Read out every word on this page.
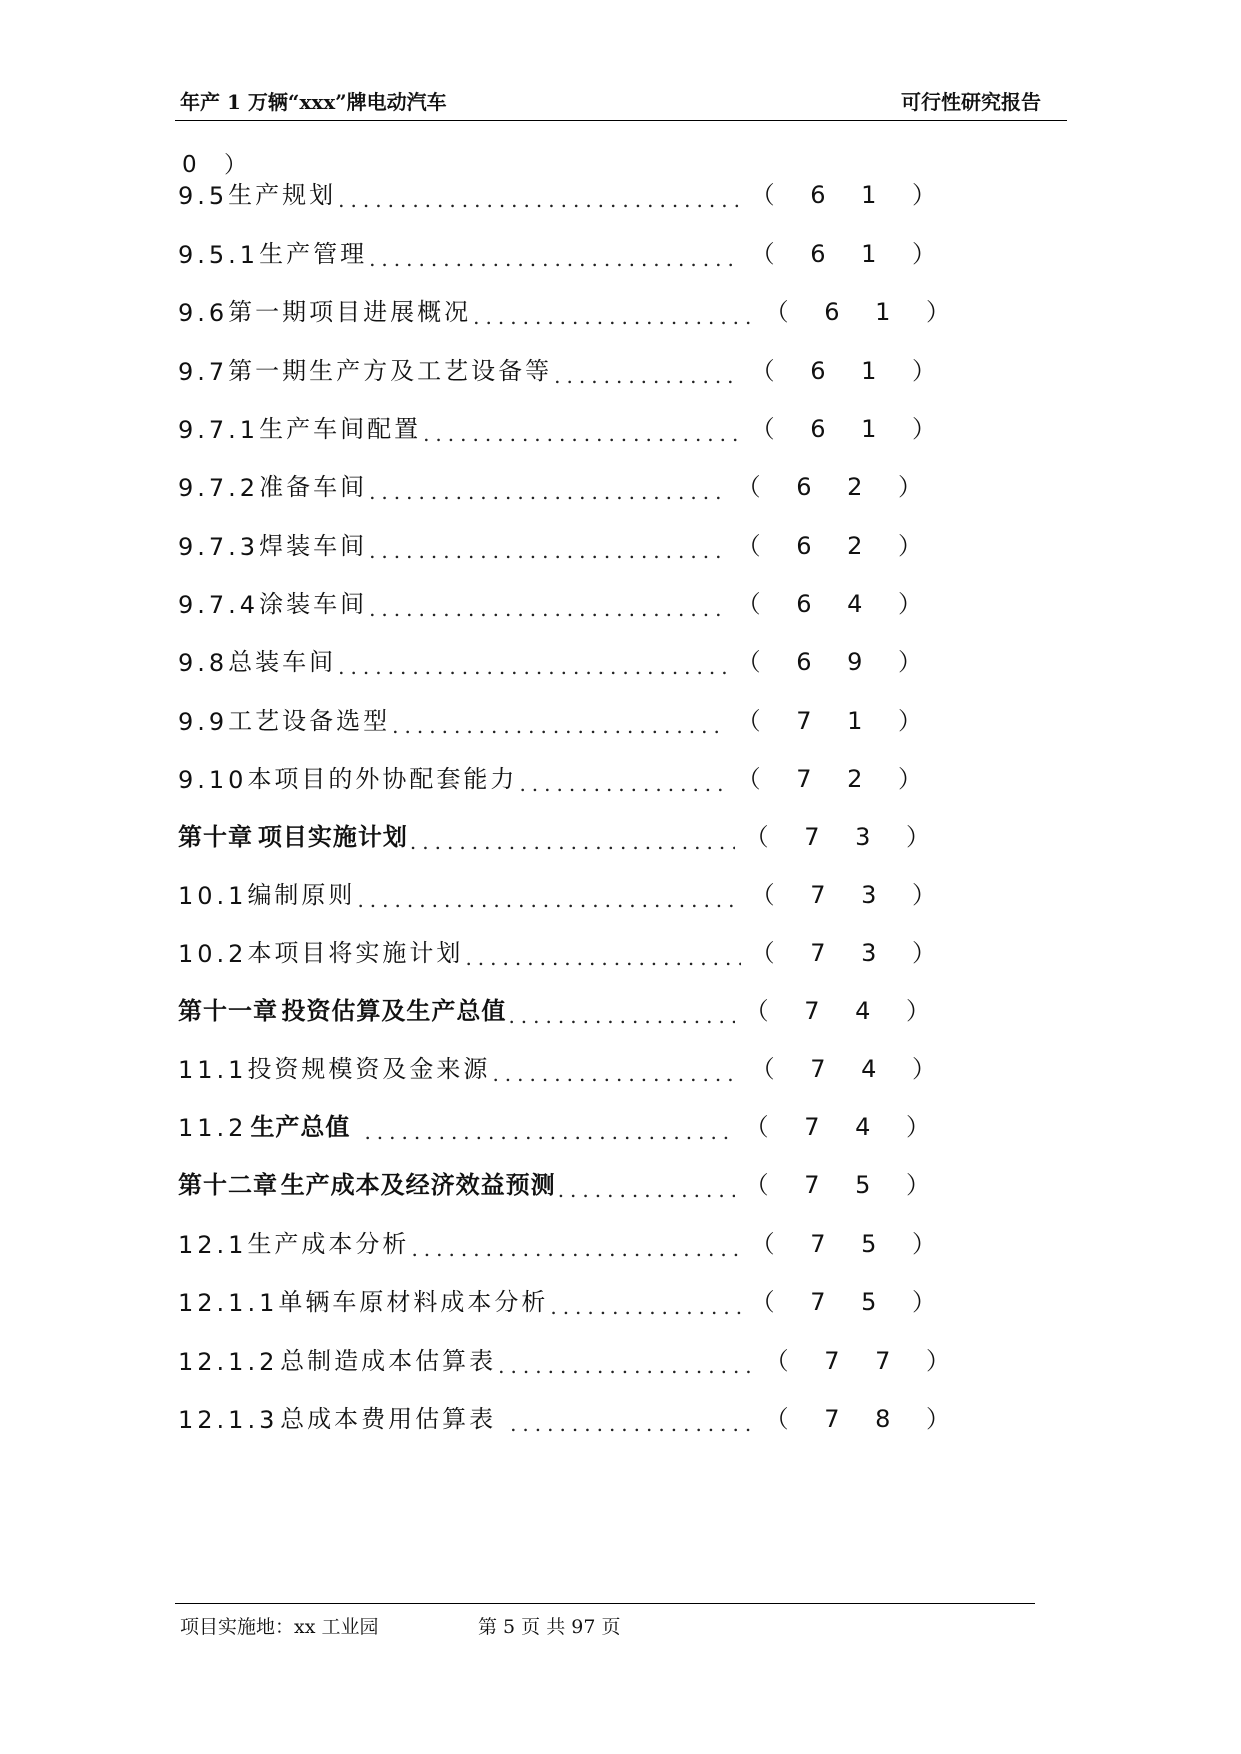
年产 1 万辆“xxx”牌电动汽车	可行性研究报告
0 ）
9.5 生产规划 .....	（ 6 1 ）
9.5.1 生产管理 .....	（ 6 1 ）
9.6 第一期项目进展概况 .....	（ 6 1 ）
9.7 第一期生产方及工艺设备等 .....	（ 6 1 ）
9.7.1 生产车间配置 .....	（ 6 1 ）
9.7.2 准备车间 .....	（ 6 2 ）
9.7.3 焊装车间 .....	（ 6 2 ）
9.7.4 涂装车间 .....	（ 6 4 ）
9.8 总装车间 .....	（ 6 9 ）
9.9 工艺设备选型 .....	（ 7 1 ）
9.10 本项目的外协配套能力 .....	（ 7 2 ）
第十章 项目实施计划 .....	（ 7 3 ）
10.1 编制原则 .....	（ 7 3 ）
10.2 本项目将实施计划 .....	（ 7 3 ）
第十一章 投资估算及生产总值 .....	（ 7 4 ）
11.1 投资规模资及金来源 .....	（ 7 4 ）
11.2 生产总值 .....	（ 7 4 ）
第十二章 生产成本及经济效益预测 .....	（ 7 5 ）
12.1 生产成本分析 .....	（ 7 5 ）
12.1.1 单辆车原材料成本分析 .....	（ 7 5 ）
12.1.2 总制造成本估算表 .....	（ 7 7 ）
12.1.3 总成本费用估算表 .....	（ 7 8 ）
项目实施地：xx 工业园	第 5 页 共 97 页
